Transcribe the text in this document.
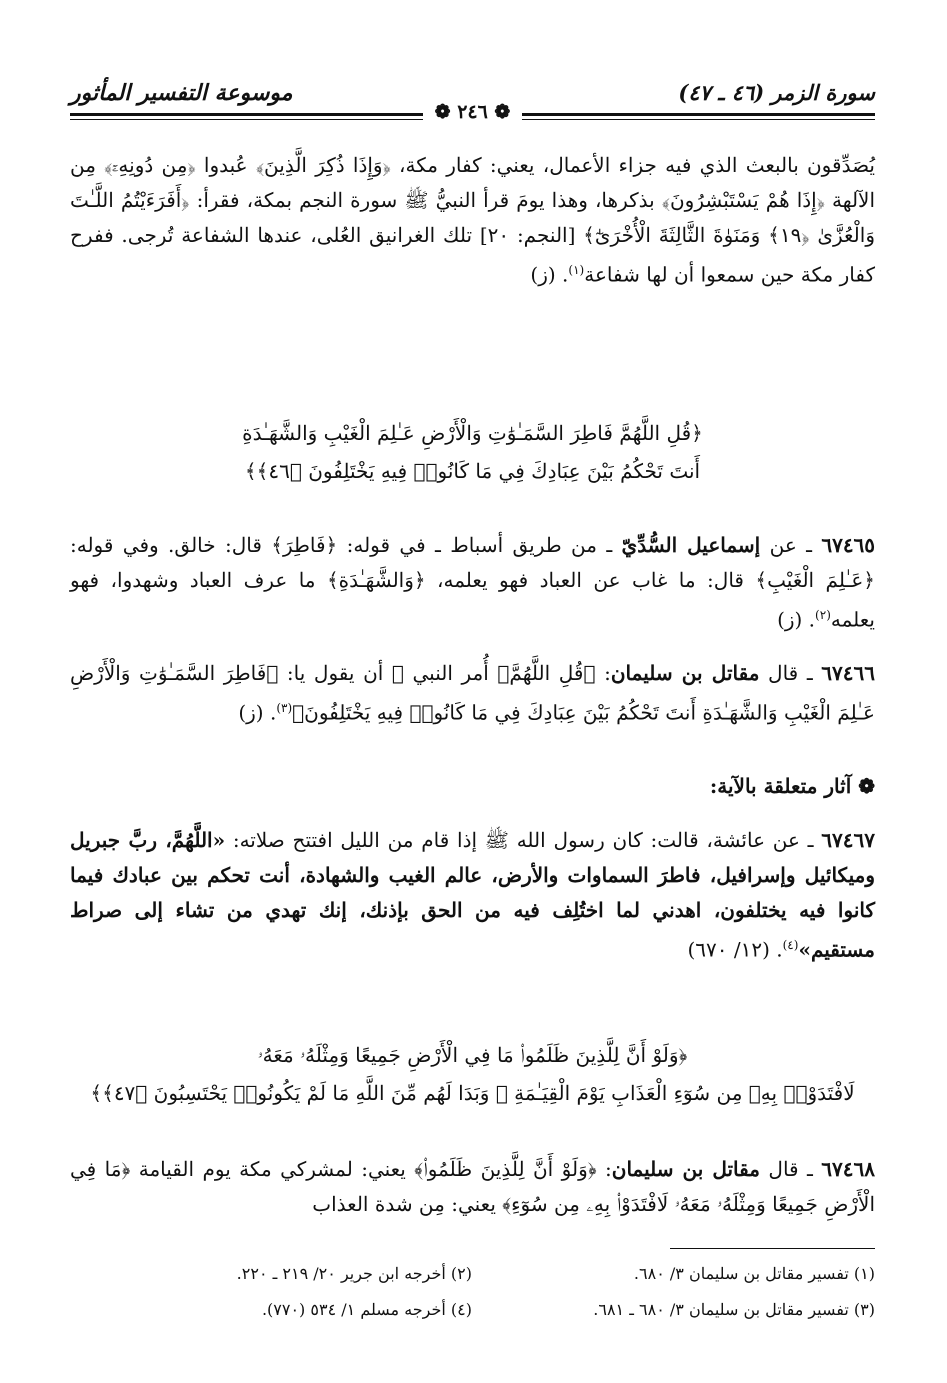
سورة الزمر (٤٦ ـ ٤٧)
موسوعة التفسير المأثور
❁ ٢٤٦ ❁
يُصَدِّقون بالبعث الذي فيه جزاء الأعمال، يعني: كفار مكة، ﴿وَإِذَا ذُكِرَ الَّذِينَ﴾ عُبدوا ﴿مِن دُونِهِۦٓ﴾ مِن الآلهة ﴿إِذَا هُمْ يَسْتَبْشِرُونَ﴾ بذكرها، وهذا يومَ قرأ النبيُّ ﷺ سورة النجم بمكة، فقرأ: ﴿أَفَرَءَيْتُمُ اللَّـٰتَ وَالْعُزَّىٰ ﴿١٩﴾ وَمَنَوٰةَ الثَّالِثَةَ الْأُخْرَىٰٓ﴾ [النجم: ٢٠] تلك الغرانيق العُلى، عندها الشفاعة تُرجى. ففرح كفار مكة حين سمعوا أن لها شفاعة$^{(١)}$. (ز)
﴿قُلِ اللَّهُمَّ فَاطِرَ السَّمَـٰوَٰتِ وَالْأَرْضِ عَـٰلِمَ الْغَيْبِ وَالشَّهَـٰدَةِ
أَنتَ تَحْكُمُ بَيْنَ عِبَادِكَ فِي مَا كَانُوا۟ فِيهِ يَخْتَلِفُونَ ﴿٤٦﴾﴾
٦٧٤٦٥ ـ عن إسماعيل السُّدِّيّ ـ من طريق أسباط ـ في قوله: ﴿فَاطِرَ﴾ قال: خالق. وفي قوله: ﴿عَـٰلِمَ الْغَيْبِ﴾ قال: ما غاب عن العباد فهو يعلمه، ﴿وَالشَّهَـٰدَةِ﴾ ما عرف العباد وشهدوا، فهو يعلمه$^{(٢)}$. (ز)
٦٧٤٦٦ ـ قال مقاتل بن سليمان: ﴿قُلِ اللَّهُمَّ﴾ أُمر النبي ﷺ أن يقول يا: ﴿فَاطِرَ السَّمَـٰوَٰتِ وَالْأَرْضِ عَـٰلِمَ الْغَيْبِ وَالشَّهَـٰدَةِ أَنتَ تَحْكُمُ بَيْنَ عِبَادِكَ فِي مَا كَانُوا۟ فِيهِ يَخْتَلِفُونَ﴾$^{(٣)}$. (ز)
❁ آثار متعلقة بالآية:
٦٧٤٦٧ ـ عن عائشة، قالت: كان رسول الله ﷺ إذا قام من الليل افتتح صلاته: «اللَّهُمَّ، ربَّ جبريل وميكائيل وإسرافيل، فاطرَ السماوات والأرض، عالم الغيب والشهادة، أنت تحكم بين عبادك فيما كانوا فيه يختلفون، اهدني لما اختُلِف فيه من الحق بإذنك، إنك تهدي من تشاء إلى صراط مستقيم»$^{(٤)}$. (١٢/ ٦٧٠)
﴿وَلَوْ أَنَّ لِلَّذِينَ ظَلَمُوا۟ مَا فِي الْأَرْضِ جَمِيعًا وَمِثْلَهُۥ مَعَهُۥ
لَافْتَدَوْا۟ بِهِۦ مِن سُوٓءِ الْعَذَابِ يَوْمَ الْقِيَـٰمَةِ ۚ وَبَدَا لَهُم مِّنَ اللَّهِ مَا لَمْ يَكُونُوا۟ يَحْتَسِبُونَ ﴿٤٧﴾﴾
٦٧٤٦٨ ـ قال مقاتل بن سليمان: ﴿وَلَوْ أَنَّ لِلَّذِينَ ظَلَمُوا۟﴾ يعني: لمشركي مكة يوم القيامة ﴿مَا فِي الْأَرْضِ جَمِيعًا وَمِثْلَهُۥ مَعَهُۥ لَافْتَدَوْا۟ بِهِۦ مِن سُوٓءِ﴾ يعني: مِن شدة العذاب
(١) تفسير مقاتل بن سليمان ٣/ ٦٨٠.
(٢) أخرجه ابن جرير ٢٠/ ٢١٩ ـ ٢٢٠.
(٣) تفسير مقاتل بن سليمان ٣/ ٦٨٠ ـ ٦٨١.
(٤) أخرجه مسلم ١/ ٥٣٤ (٧٧٠).
